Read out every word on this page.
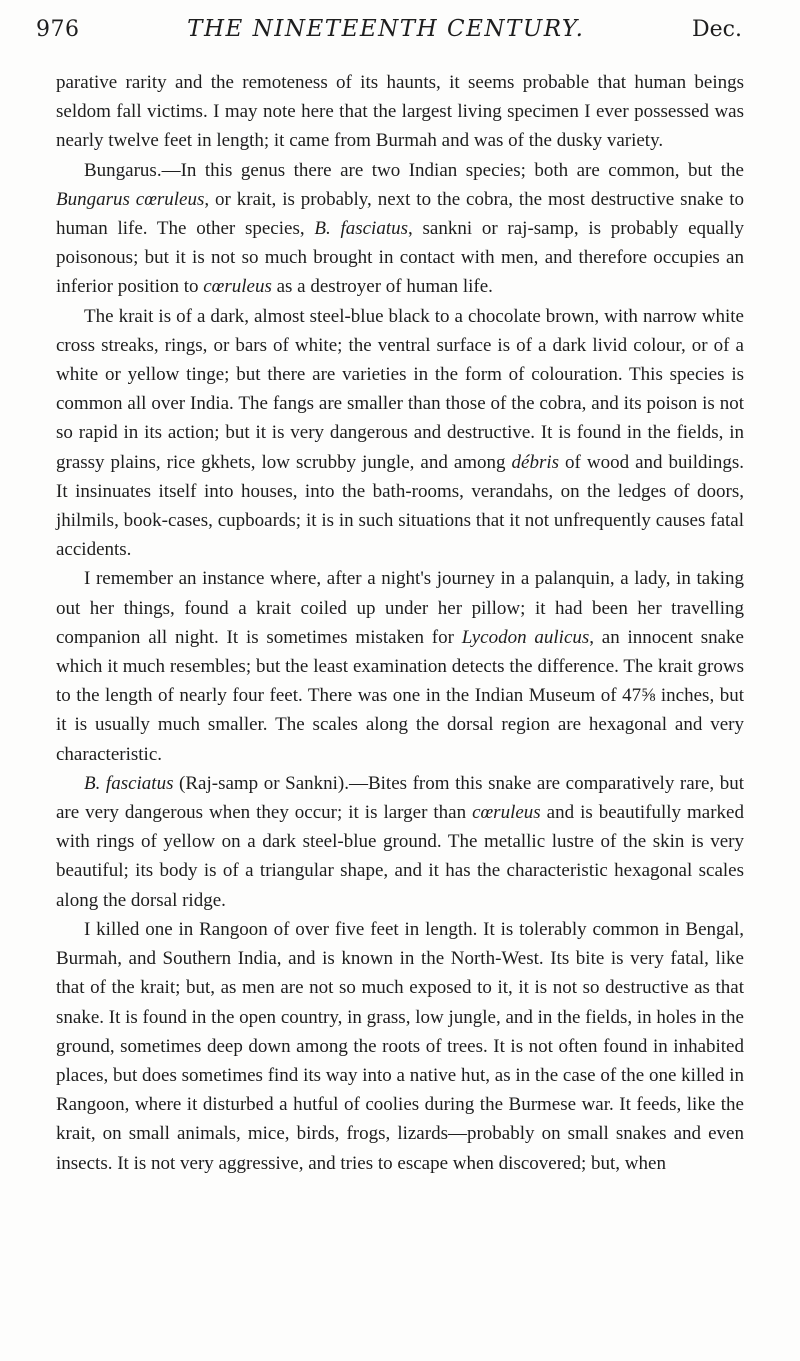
976	THE NINETEENTH CENTURY.	Dec.

parative rarity and the remoteness of its haunts, it seems probable that human beings seldom fall victims. I may note here that the largest living specimen I ever possessed was nearly twelve feet in length; it came from Burmah and was of the dusky variety.

Bungarus.—In this genus there are two Indian species; both are common, but the Bungarus cœruleus, or krait, is probably, next to the cobra, the most destructive snake to human life. The other species, B. fasciatus, sankni or raj-samp, is probably equally poisonous; but it is not so much brought in contact with men, and therefore occupies an inferior position to cœruleus as a destroyer of human life.

The krait is of a dark, almost steel-blue black to a chocolate brown, with narrow white cross streaks, rings, or bars of white; the ventral surface is of a dark livid colour, or of a white or yellow tinge; but there are varieties in the form of colouration. This species is common all over India. The fangs are smaller than those of the cobra, and its poison is not so rapid in its action; but it is very dangerous and destructive. It is found in the fields, in grassy plains, rice gkhets, low scrubby jungle, and among débris of wood and buildings. It insinuates itself into houses, into the bath-rooms, verandahs, on the ledges of doors, jhilmils, book-cases, cupboards; it is in such situations that it not unfrequently causes fatal accidents.

I remember an instance where, after a night's journey in a palanquin, a lady, in taking out her things, found a krait coiled up under her pillow; it had been her travelling companion all night. It is sometimes mistaken for Lycodon aulicus, an innocent snake which it much resembles; but the least examination detects the difference. The krait grows to the length of nearly four feet. There was one in the Indian Museum of 47⅝ inches, but it is usually much smaller. The scales along the dorsal region are hexagonal and very characteristic.

B. fasciatus (Raj-samp or Sankni).—Bites from this snake are comparatively rare, but are very dangerous when they occur; it is larger than cœruleus and is beautifully marked with rings of yellow on a dark steel-blue ground. The metallic lustre of the skin is very beautiful; its body is of a triangular shape, and it has the characteristic hexagonal scales along the dorsal ridge.

I killed one in Rangoon of over five feet in length. It is tolerably common in Bengal, Burmah, and Southern India, and is known in the North-West. Its bite is very fatal, like that of the krait; but, as men are not so much exposed to it, it is not so destructive as that snake. It is found in the open country, in grass, low jungle, and in the fields, in holes in the ground, sometimes deep down among the roots of trees. It is not often found in inhabited places, but does sometimes find its way into a native hut, as in the case of the one killed in Rangoon, where it disturbed a hutful of coolies during the Burmese war. It feeds, like the krait, on small animals, mice, birds, frogs, lizards—probably on small snakes and even insects. It is not very aggressive, and tries to escape when discovered; but, when
